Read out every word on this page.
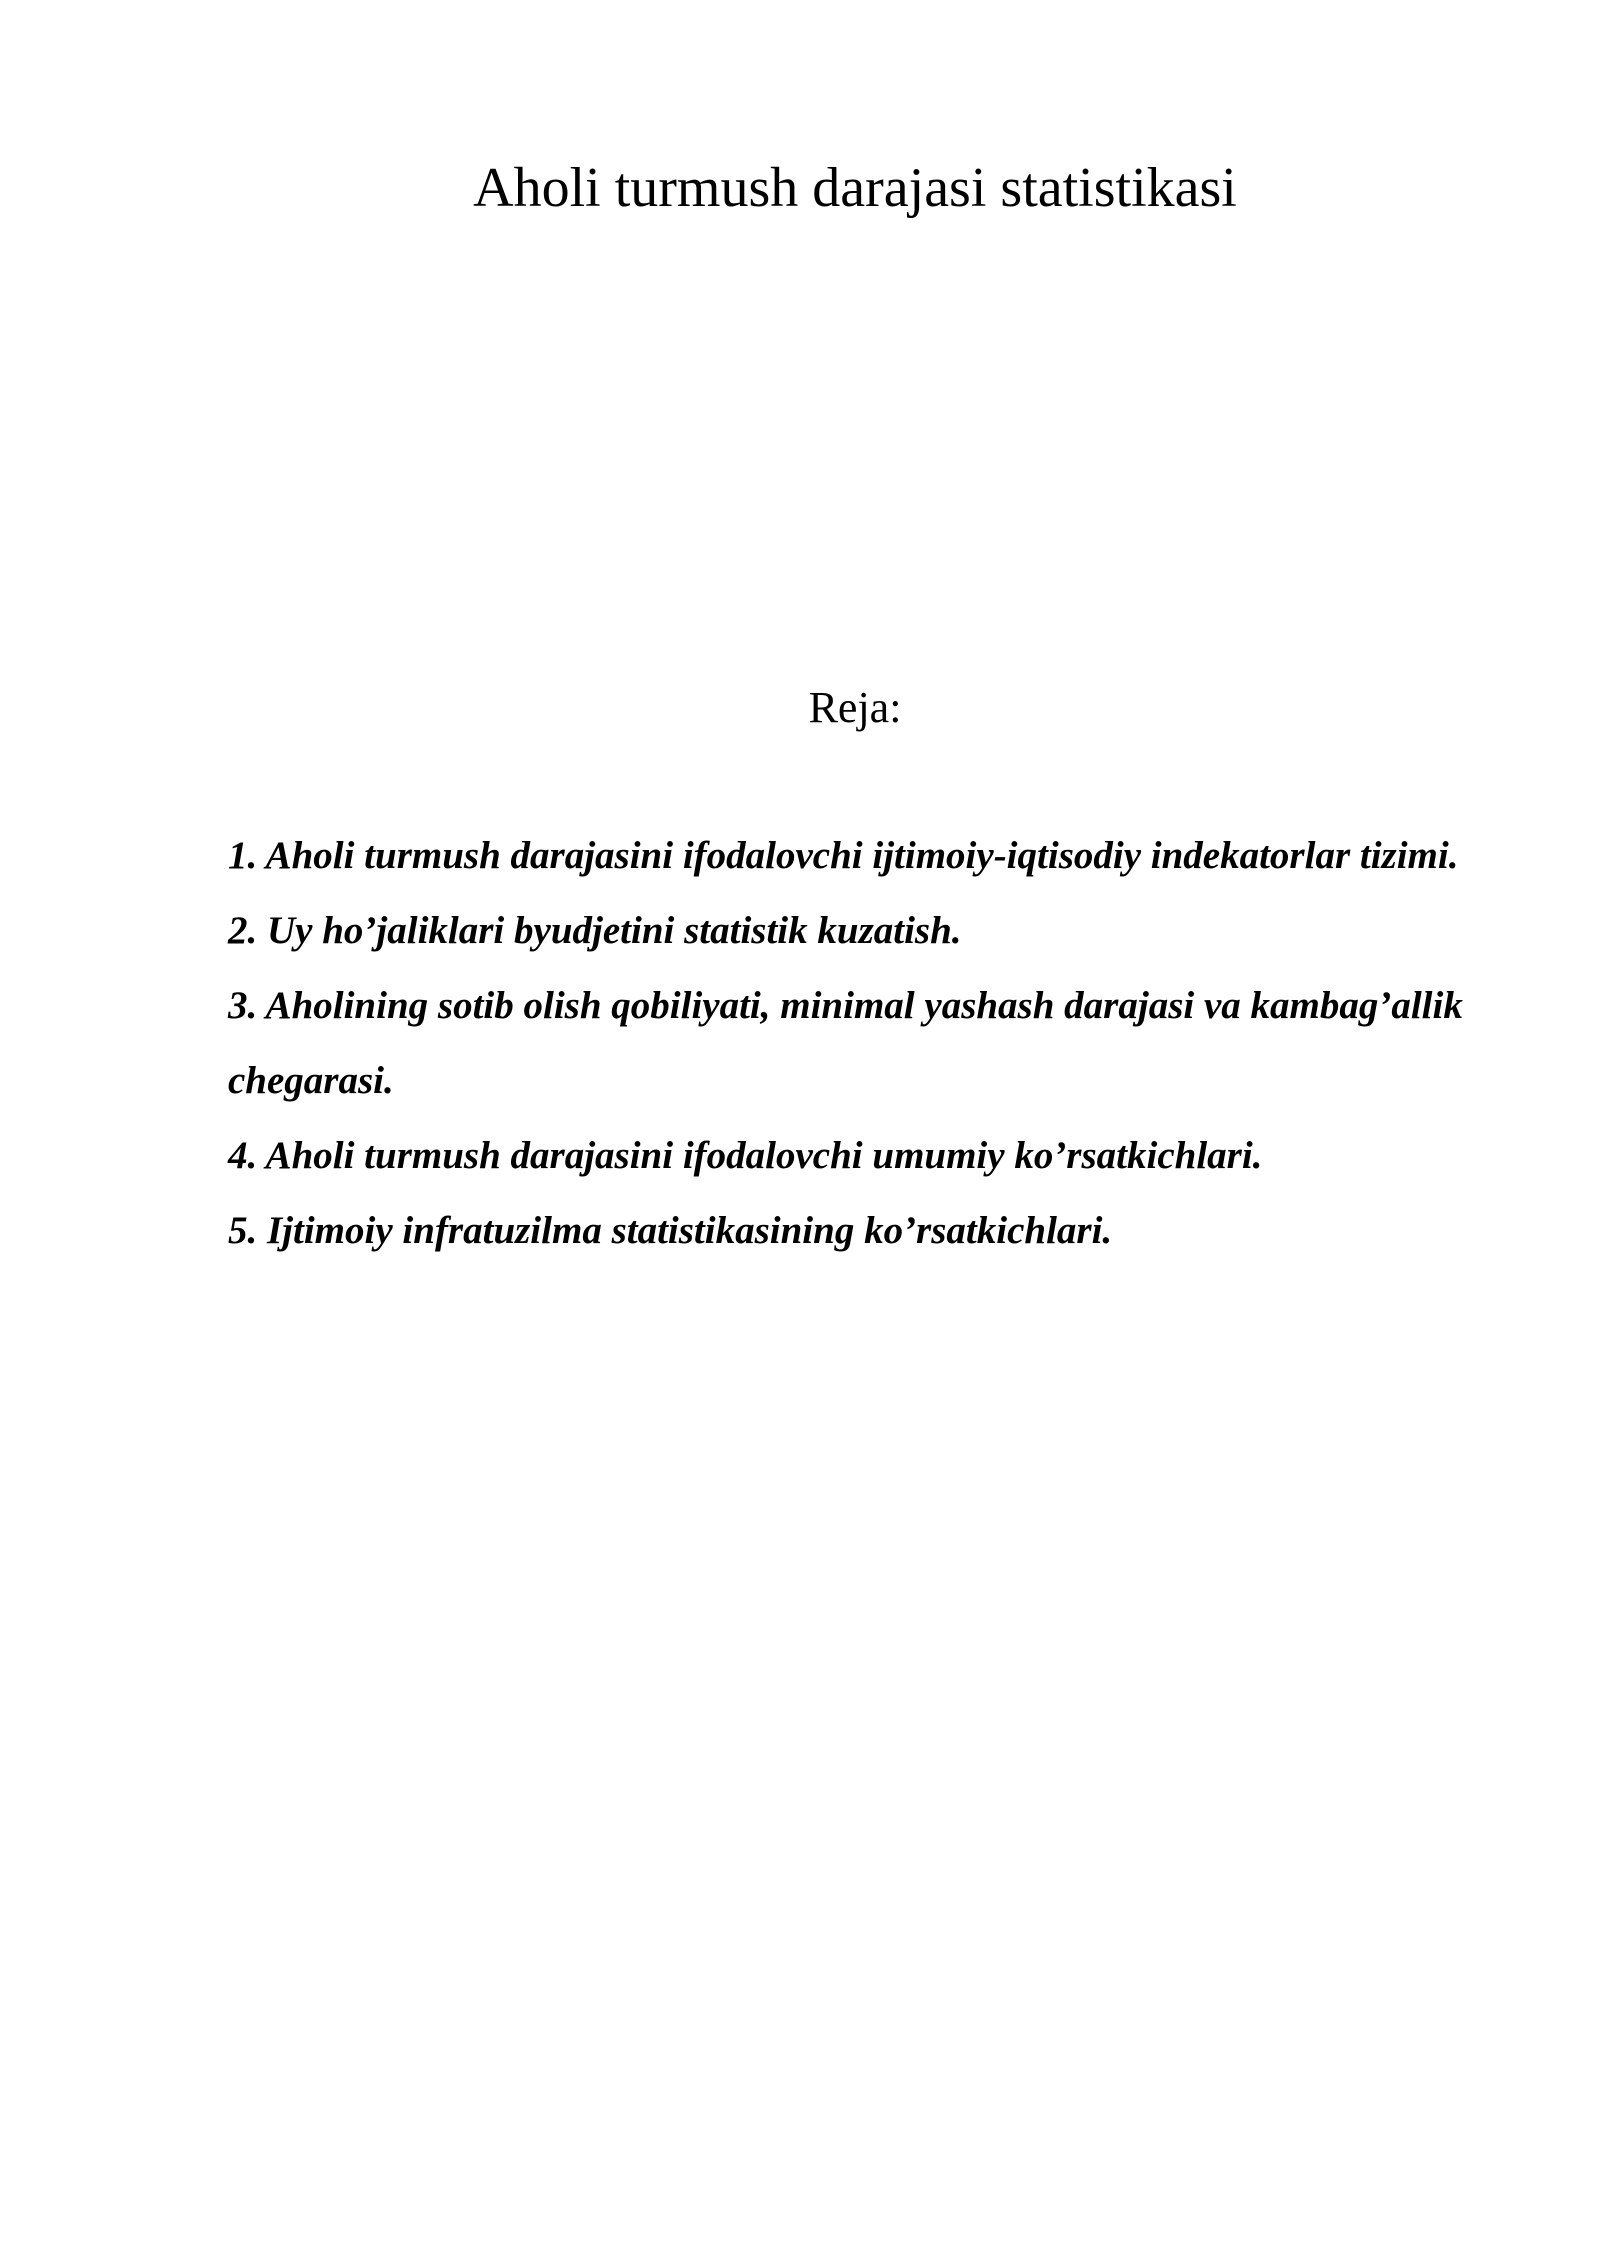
Aholi turmush darajasi statistikasi
Reja:
1. Aholi turmush darajasini ifodalovchi ijtimoiy-iqtisodiy indekatorlar tizimi.
2. Uy ho’jaliklari byudjetini statistik kuzatish.
3. Aholining sotib olish qobiliyati, minimal yashash darajasi va kambag’allik chegarasi.
4. Aholi turmush darajasini ifodalovchi umumiy ko’rsatkichlari.
5. Ijtimoiy infratuzilma statistikasining ko’rsatkichlari.
